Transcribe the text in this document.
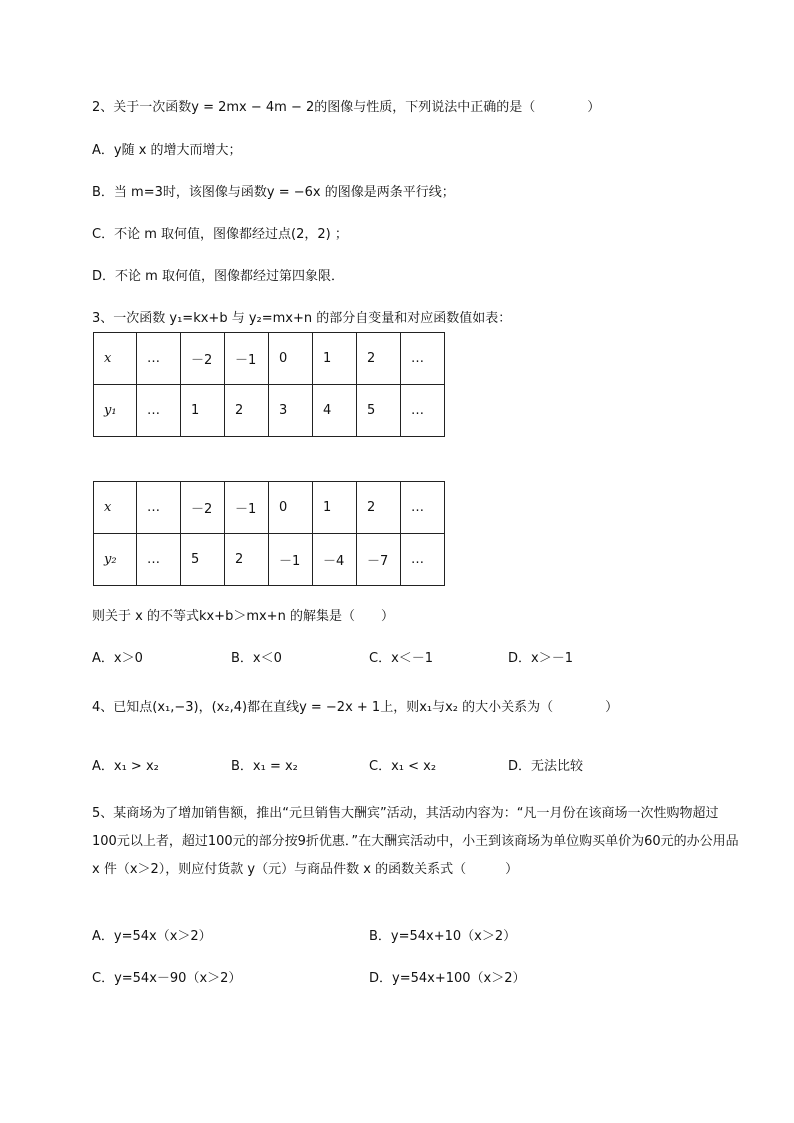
2、关于一次函数y = 2mx − 4m − 2的图像与性质，下列说法中正确的是（　　　　）
A．y随 x 的增大而增大；
B．当 m=3时，该图像与函数y = −6x 的图像是两条平行线；
C．不论 m 取何值，图像都经过点(2，2) ；
D．不论 m 取何值，图像都经过第四象限．
3、一次函数 y₁=kx+b 与 y₂=mx+n 的部分自变量和对应函数值如表：
x	…	－2	－1	0	1	2	…
y₁	…	1	2	3	4	5	…
x	…	－2	－1	0	1	2	…
y₂	…	5	2	－1	－4	－7	…
则关于 x 的不等式kx+b＞mx+n 的解集是（　　）
A．x＞0	B．x＜0	C．x＜－1	D．x＞－1
4、已知点(x₁,−3)，(x₂,4)都在直线y = −2x + 1上，则x₁与x₂ 的大小关系为（　　　　）
A．x₁ > x₂	B．x₁ = x₂	C．x₁ < x₂	D．无法比较
5、某商场为了增加销售额，推出“元旦销售大酬宾”活动，其活动内容为：“凡一月份在该商场一次性购物超过100元以上者，超过100元的部分按9折优惠．”在大酬宾活动中，小王到该商场为单位购买单价为60元的办公用品 x 件（x＞2），则应付货款 y（元）与商品件数 x 的函数关系式（　　　）
A．y=54x（x＞2）	B．y=54x+10（x＞2）
C．y=54x－90（x＞2）	D．y=54x+100（x＞2）
